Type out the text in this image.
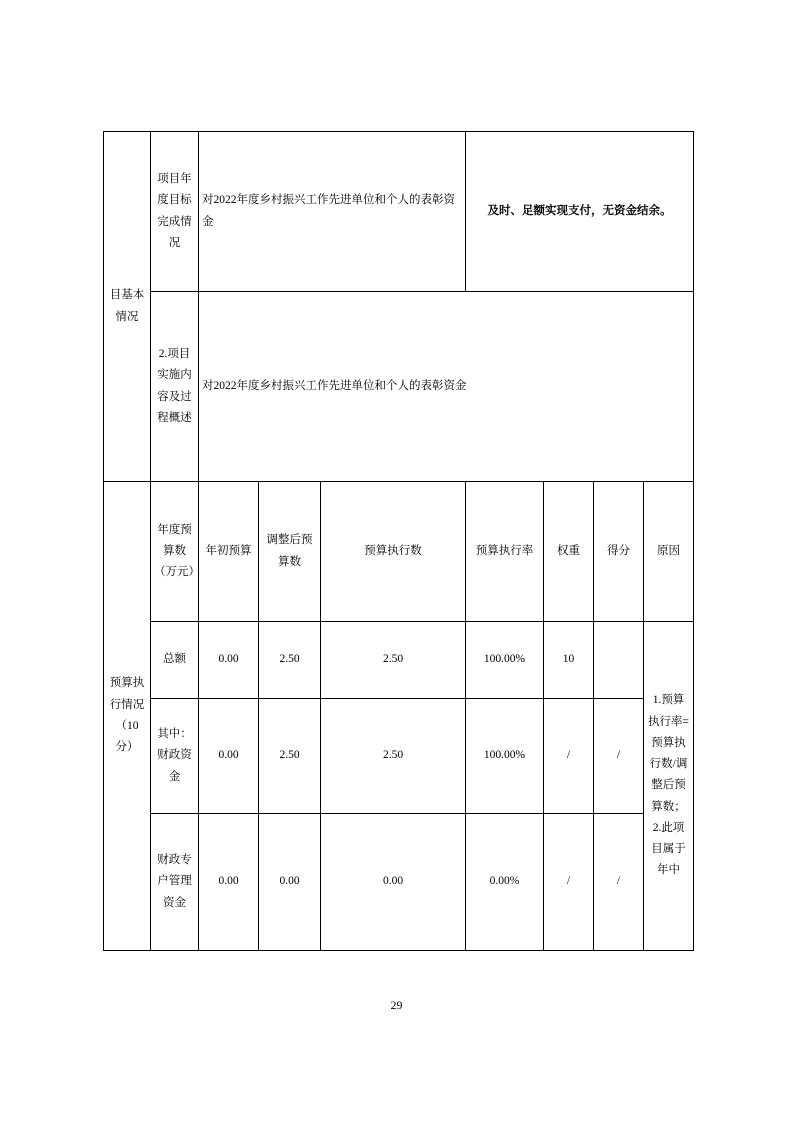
目基本情况	项目年度目标完成情况	对2022年度乡村振兴工作先进单位和个人的表彰资金			及时、足额实现支付，无资金结余。			
	2.项目实施内容及过程概述	对2022年度乡村振兴工作先进单位和个人的表彰资金						
预算执行情况（10分）	年度预算数（万元）	年初预算	调整后预算数	预算执行数	预算执行率	权重	得分	原因
	总额	0.00	2.50	2.50	100.00%	10		1.预算执行率=预算执行数/调整后预算数；2.此项目属于年中
	其中：财政资金	0.00	2.50	2.50	100.00%	/	/	
	财政专户管理资金	0.00	0.00	0.00	0.00%	/	/	
29
